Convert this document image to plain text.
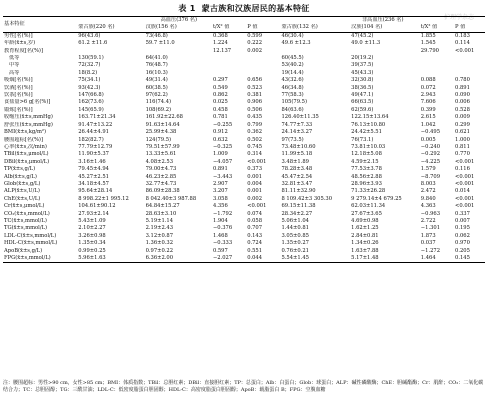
表 1 蒙古族和汉族居民的基本特征
护理学杂志
基本特征	高血压(376 名)				非高血压(236 名)			

	蒙古族(220 名)	汉族(156 名)	t/X² 值	P 值	蒙古族(132 名)	汉族(104 名)	t/X² 值	P 值
男性[名(%)]	96(43.6)	73(46.8)	0.368	0.599	46(30.4)	47(45.2)	1.855	0.183
年龄(x̄±s,岁)	61.2 ±11.6	59.7 ±11.0	1.224	0.222	49.6 ±12.3	49.0 ±11.3	1.545	0.114
教育程度[名(%)]			12.137	0.002			29.790	<0.001
低等	130(59.1)	64(41.0)			60(45.5)	20(19.2)		
中等	72(32.7)	76(48.7)			53(40.2)	39(37.5)		
高等	18(8.2)	16(10.3)			19(14.4)	45(43.3)		
吸烟[名(%)]	75(34.1)	49(31.4)	0.297	0.656	43(32.6)	32(30.8)	0.088	0.780
饮酒[名(%)]	93(42.3)	60(38.5)	0.549	0.523	46(34.8)	38(36.5)	0.072	0.891
饮茶[名(%)]	147(66.8)	97(62.2)	0.862	0.381	77(58.3)	49(47.1)	2.943	0.090
食盐量>6 g[名(%)]	162(73.6)	116(74.4)	0.025	0.906	105(79.5)	66(63.5)	7.606	0.006
锻炼[名(%)]	145(65.9)	108(69.2)	0.458	0.506	84(63.6)	62(59.6)	0.399	0.528
收缩压(x̄±s,mmHg)	163.71±21.34	161.92±22.68	0.781	0.435	126.40±11.35	122.15±13.64	2.615	0.009
舒张压(x̄±s,mmHg)	91.47±13.22	91.63±14.64	−0.255	0.799	74.77±7.33	76.13±10.80	1.042	0.299
BMI(x̄±s,kg/m²)	26.44±4.91	25.99±4.38	0.912	0.362	24.14±3.27	24.42±5.51	−0.495	0.621
腰围超标[名(%)]	182(82.7)	124(79.5)	0.632	0.502	97(73.5)	76(73.1)	0.005	1.000
心率(x̄±s,次/min)	77.79±12.79	79.51±57.99	−0.325	0.745	73.48±10.60	73.81±10.03	−0.240	0.811
TBil(x̄±s,μmol/L)	11.90±5.37	13.33±5.61	1.009	0.314	11.99±5.18	12.18±5.08	−0.292	0.770
DBil(x̄±s,μmol/L)	3.16±1.46	4.08±2.53	−4.057	<0.001	3.48±1.89	4.59±2.15	−4.225	<0.001
TP(x̄±s,g/L)	79.45±4.94	79.00±4.73	0.891	0.373	78.28±3.48	77.53±3.78	1.579	0.116
Alb(x̄±s,g/L)	45.27±2.51	46.23±2.85	−3.443	0.001	45.47±2.54	48.56±2.88	−8.709	<0.001
Glob(x̄±s,g/L)	34.18±4.57	32.77±4.73	2.907	0.004	32.81±3.47	28.96±3.93	8.003	<0.001
ALP(x̄±s,U/L)	95.64±28.14	86.09±28.38	3.207	0.001	81.11±32.90	71.33±26.28	2.472	0.014
ChE(x̄±s,U/L)	8 998.22±1 995.12	8 042.40±3 987.88	3.058	0.002	8 109.42±3 305.30	9 279.14±4 679.25	9.840	<0.001
Cr(x̄±s,μmol/L)	104.61±90.12	64.84±15.27	4.356	<0.001	69.15±11.38	62.03±11.34	4.363	<0.001
CO₂(x̄±s,mmol/L)	27.93±2.14	28.63±3.10	−1.792	0.074	28.34±2.27	27.67±3.65	−0.963	0.337
TC(x̄±s,mmol/L)	5.43±1.09	5.19±1.14	1.904	0.058	5.06±1.04	4.69±0.98	2.722	0.007
TG(x̄±s,mmol/L)	2.10±2.27	2.19±2.43	−0.376	0.707	1.44±0.81	1.62±1.25	−1.301	0.195
LDL-C(x̄±s,mmol/L)	3.26±0.98	3.12±0.87	1.468	0.143	3.05±0.85	2.84±0.81	1.873	0.062
HDL-C(x̄±s,mmol/L)	1.35±0.34	1.36±0.32	−0.333	0.724	1.35±0.27	1.34±0.26	0.037	0.970
ApoB(x̄±s,g/L)	0.99±0.25	0.97±0.22	0.597	0.551	0.76±0.21	1.63±7.88	−1.272	0.205
FPG(x̄±s,mmol/L)	5.96±1.63	6.36±2.00	−2.027	0.044	5.54±1.45	5.17±1.48	1.464	0.145
注：腰围超标：男性>90 cm，女性>85 cm；BMI：体质指数；TBil：总胆红素；DBil：直接胆红素；TP：总蛋白；Alb：白蛋白；Glob：球蛋白；ALP：碱性磷酸酶；ChE：胆碱酯酶；Cr：肌酐；CO₂：二氧化碳结合力；TC：总胆固醇；TG：三酰甘油；LDL-C：低密度脂蛋白胆固醇；HDL-C：高密度脂蛋白胆固醇；ApoB：载脂蛋白 B；FPG：空腹血糖
